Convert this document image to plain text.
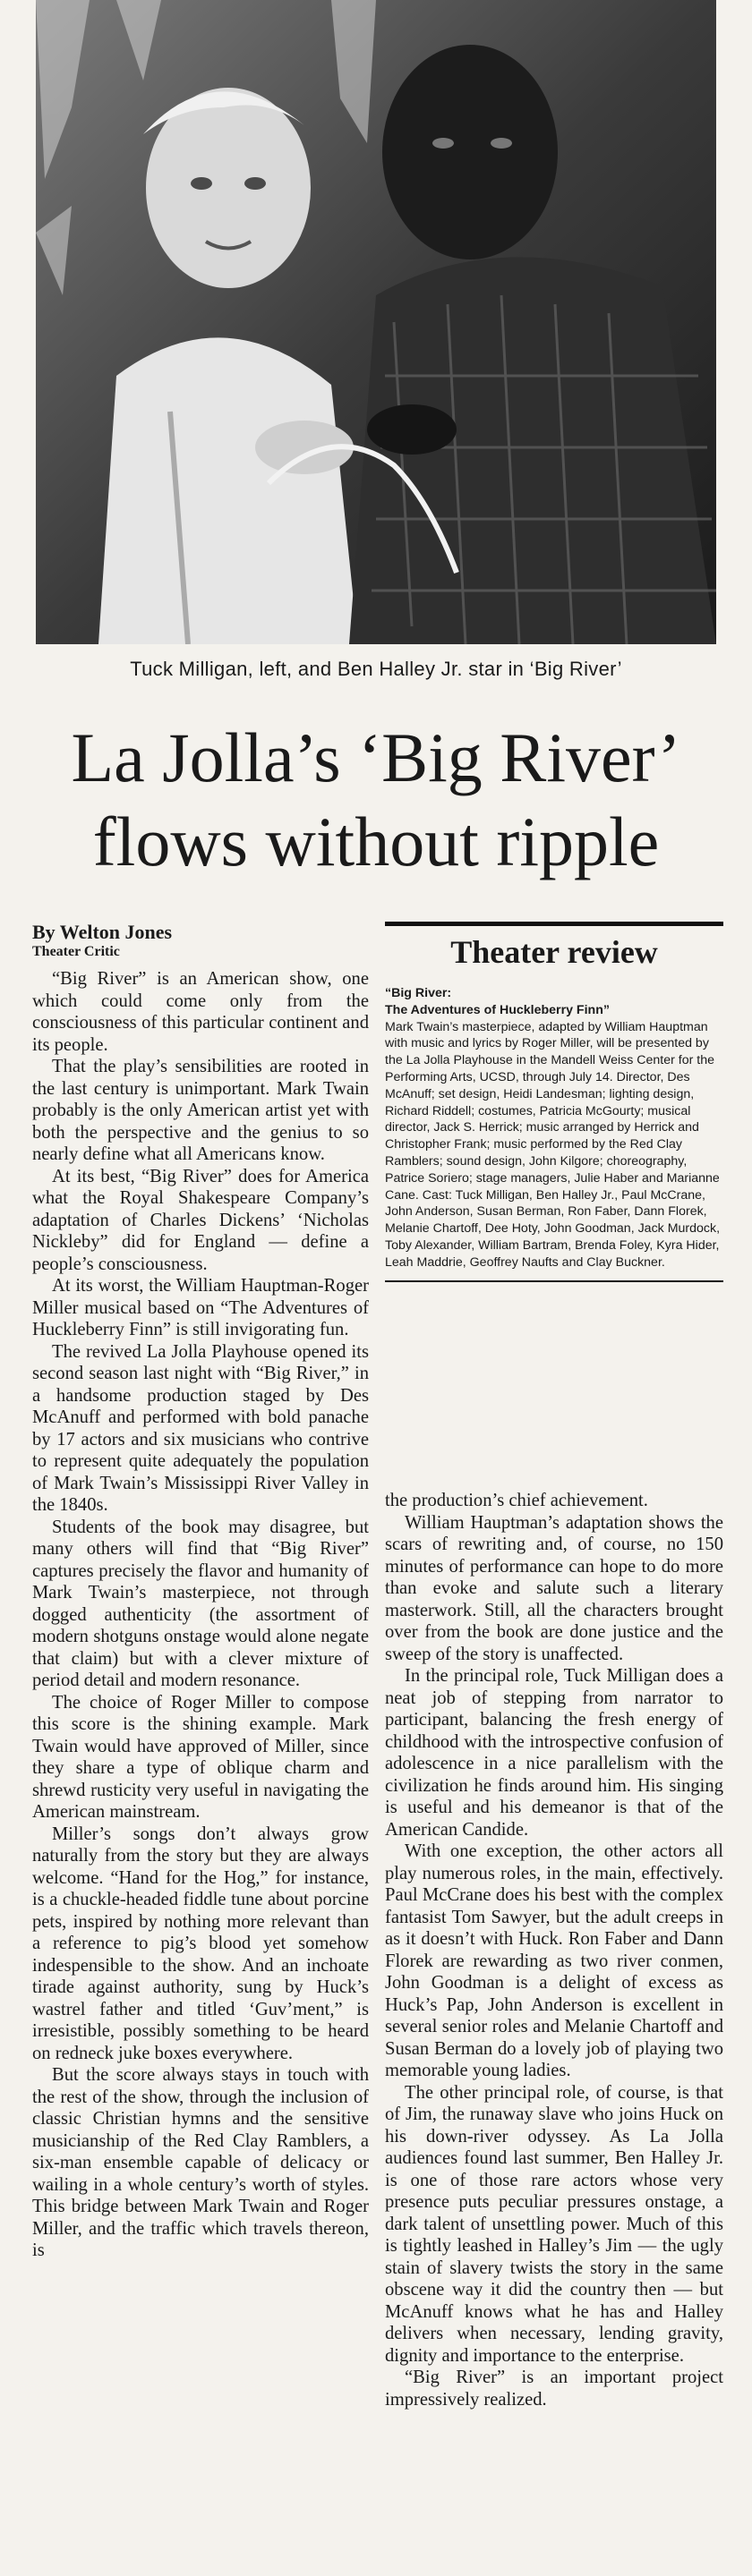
Tuck Milligan, left, and Ben Halley Jr. star in ‘Big River’
La Jolla’s ‘Big River’
flows without ripple
By Welton Jones
Theater Critic

“Big River” is an American show, one which could come only from the consciousness of this particular continent and its people.

That the play’s sensibilities are rooted in the last century is unimportant. Mark Twain probably is the only American artist yet with both the perspective and the genius to so nearly define what all Americans know.

At its best, “Big River” does for America what the Royal Shakespeare Company’s adaptation of Charles Dickens’ ‘Nicholas Nickleby” did for England — define a people’s consciousness.

At its worst, the William Hauptman-Roger Miller musical based on “The Adventures of Huckleberry Finn” is still invigorating fun.

The revived La Jolla Playhouse opened its second season last night with “Big River,” in a handsome production staged by Des McAnuff and performed with bold panache by 17 actors and six musicians who contrive to represent quite adequately the population of Mark Twain’s Mississippi River Valley in the 1840s.

Students of the book may disagree, but many others will find that “Big River” captures precisely the flavor and humanity of Mark Twain’s masterpiece, not through dogged authenticity (the assortment of modern shotguns onstage would alone negate that claim) but with a clever mixture of period detail and modern resonance.

The choice of Roger Miller to compose this score is the shining example. Mark Twain would have approved of Miller, since they share a type of oblique charm and shrewd rusticity very useful in navigating the American mainstream.

Miller’s songs don’t always grow naturally from the story but they are always welcome. “Hand for the Hog,” for instance, is a chuckle-headed fiddle tune about porcine pets, inspired by nothing more relevant than a reference to pig’s blood yet somehow indespensible to the show. And an inchoate tirade against authority, sung by Huck’s wastrel father and titled ‘Guv’ment,” is irresistible, possibly something to be heard on redneck juke boxes everywhere.

But the score always stays in touch with the rest of the show, through the inclusion of classic Christian hymns and the sensitive musicianship of the Red Clay Ramblers, a six-man ensemble capable of delicacy or wailing in a whole century’s worth of styles. This bridge between Mark Twain and Roger Miller, and the traffic which travels thereon, is

Theater review
“Big River:
The Adventures of Huckleberry Finn”
Mark Twain’s masterpiece, adapted by William Hauptman with music and lyrics by Roger Miller, will be presented by the La Jolla Playhouse in the Mandell Weiss Center for the Performing Arts, UCSD, through July 14. Director, Des McAnuff; set design, Heidi Landesman; lighting design, Richard Riddell; costumes, Patricia McGourty; musical director, Jack S. Herrick; music arranged by Herrick and Christopher Frank; music performed by the Red Clay Ramblers; sound design, John Kilgore; choreography, Patrice Soriero; stage managers, Julie Haber and Marianne Cane. Cast: Tuck Milligan, Ben Halley Jr., Paul McCrane, John Anderson, Susan Berman, Ron Faber, Dann Florek, Melanie Chartoff, Dee Hoty, John Goodman, Jack Murdock, Toby Alexander, William Bartram, Brenda Foley, Kyra Hider, Leah Maddrie, Geoffrey Naufts and Clay Buckner.

the production’s chief achievement.

William Hauptman’s adaptation shows the scars of rewriting and, of course, no 150 minutes of performance can hope to do more than evoke and salute such a literary masterwork. Still, all the characters brought over from the book are done justice and the sweep of the story is unaffected.

In the principal role, Tuck Milligan does a neat job of stepping from narrator to participant, balancing the fresh energy of childhood with the introspective confusion of adolescence in a nice parallelism with the civilization he finds around him. His singing is useful and his demeanor is that of the American Candide.

With one exception, the other actors all play numerous roles, in the main, effectively. Paul McCrane does his best with the complex fantasist Tom Sawyer, but the adult creeps in as it doesn’t with Huck. Ron Faber and Dann Florek are rewarding as two river conmen, John Goodman is a delight of excess as Huck’s Pap, John Anderson is excellent in several senior roles and Melanie Chartoff and Susan Berman do a lovely job of playing two memorable young ladies.

The other principal role, of course, is that of Jim, the runaway slave who joins Huck on his down-river odyssey. As La Jolla audiences found last summer, Ben Halley Jr. is one of those rare actors whose very presence puts peculiar pressures onstage, a dark talent of unsettling power. Much of this is tightly leashed in Halley’s Jim — the ugly stain of slavery twists the story in the same obscene way it did the country then — but McAnuff knows what he has and Halley delivers when necessary, lending gravity, dignity and importance to the enterprise.

“Big River” is an important project impressively realized.
